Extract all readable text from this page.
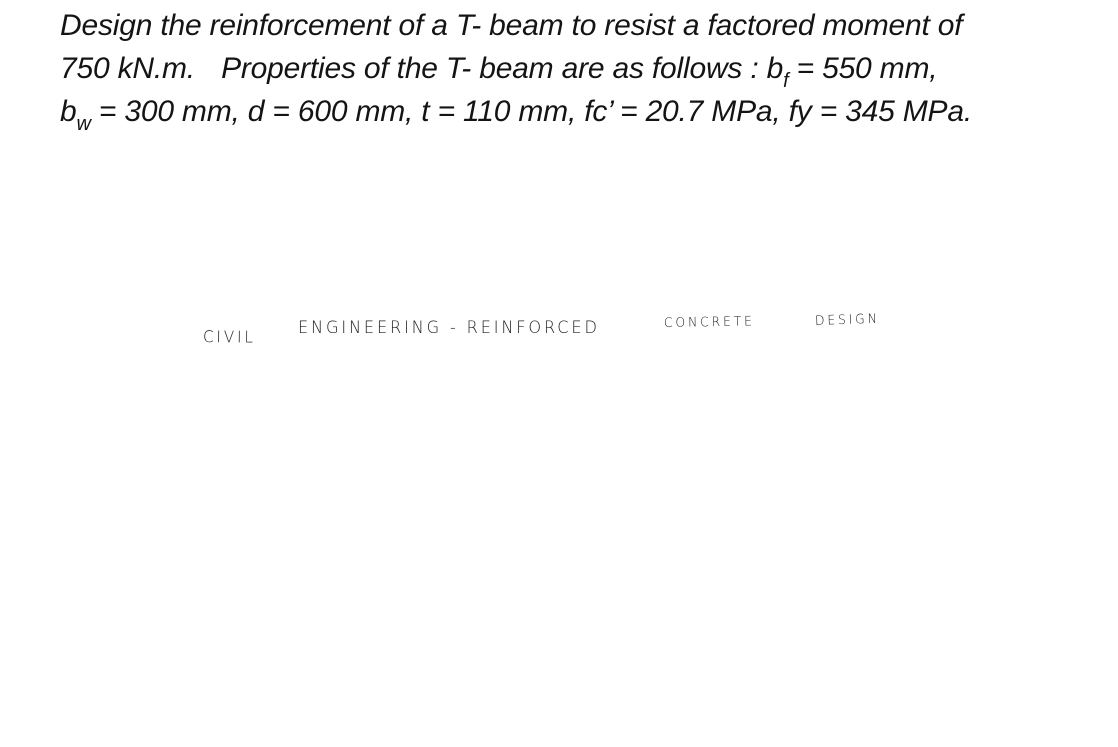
Design the reinforcement of a T- beam to resist a factored moment of
750 kN.m. Properties of the T- beam are as follows : $b_f = 550$ mm,
$b_w = 300$ mm, d = 600 mm, t = 110 mm, fc’ = 20.7 MPa, fy = 345 MPa.
CIVIL ENGINEERING - REINFORCED	CONCRETE	DESIGN
